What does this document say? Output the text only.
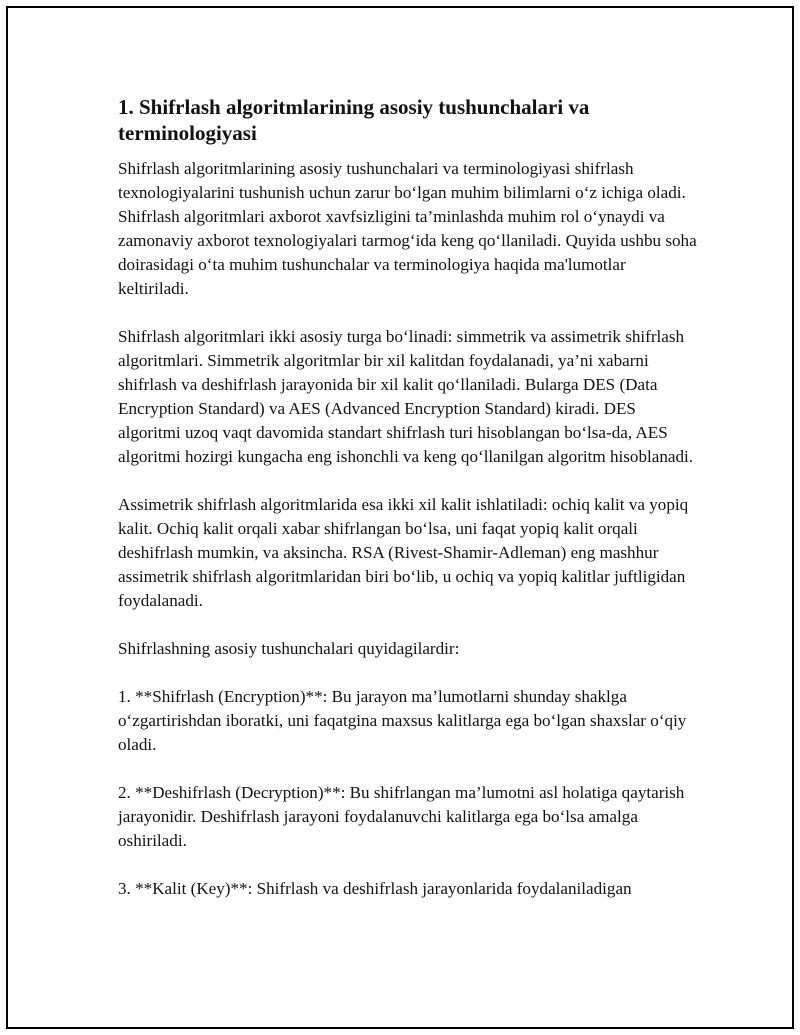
1. Shifrlash algoritmlarining asosiy tushunchalari va terminologiyasi

Shifrlash algoritmlarining asosiy tushunchalari va terminologiyasi shifrlash texnologiyalarini tushunish uchun zarur bo‘lgan muhim bilimlarni o‘z ichiga oladi. Shifrlash algoritmlari axborot xavfsizligini ta’minlashda muhim rol o‘ynaydi va zamonaviy axborot texnologiyalari tarmog‘ida keng qo‘llaniladi. Quyida ushbu soha doirasidagi o‘ta muhim tushunchalar va terminologiya haqida ma'lumotlar keltiriladi.

Shifrlash algoritmlari ikki asosiy turga bo‘linadi: simmetrik va assimetrik shifrlash algoritmlari. Simmetrik algoritmlar bir xil kalitdan foydalanadi, ya’ni xabarni shifrlash va deshifrlash jarayonida bir xil kalit qo‘llaniladi. Bulargа DES (Data Encryption Standard) va AES (Advanced Encryption Standard) kiradi. DES algoritmi uzoq vaqt davomida standart shifrlash turi hisoblangan bo‘lsa-da, AES algoritmi hozirgi kungacha eng ishonchli va keng qo‘llanilgan algoritm hisoblanadi.

Assimetrik shifrlash algoritmlarida esa ikki xil kalit ishlatiladi: ochiq kalit va yopiq kalit. Ochiq kalit orqali xabar shifrlangan bo‘lsa, uni faqat yopiq kalit orqali deshifrlash mumkin, va aksincha. RSA (Rivest-Shamir-Adleman) eng mashhur assimetrik shifrlash algoritmlaridan biri bo‘lib, u ochiq va yopiq kalitlar juftligidan foydalanadi.

Shifrlashning asosiy tushunchalari quyidagilardir:

1. **Shifrlash (Encryption)**: Bu jarayon ma’lumotlarni shunday shaklga o‘zgartirishdan iboratki, uni faqatgina maxsus kalitlarga ega bo‘lgan shaxslar o‘qiy oladi.

2. **Deshifrlash (Decryption)**: Bu shifrlangan ma’lumotni asl holatiga qaytarish jarayonidir. Deshifrlash jarayoni foydalanuvchi kalitlarga ega bo‘lsa amalga oshiriladi.

3. **Kalit (Key)**: Shifrlash va deshifrlash jarayonlarida foydalaniladigan
